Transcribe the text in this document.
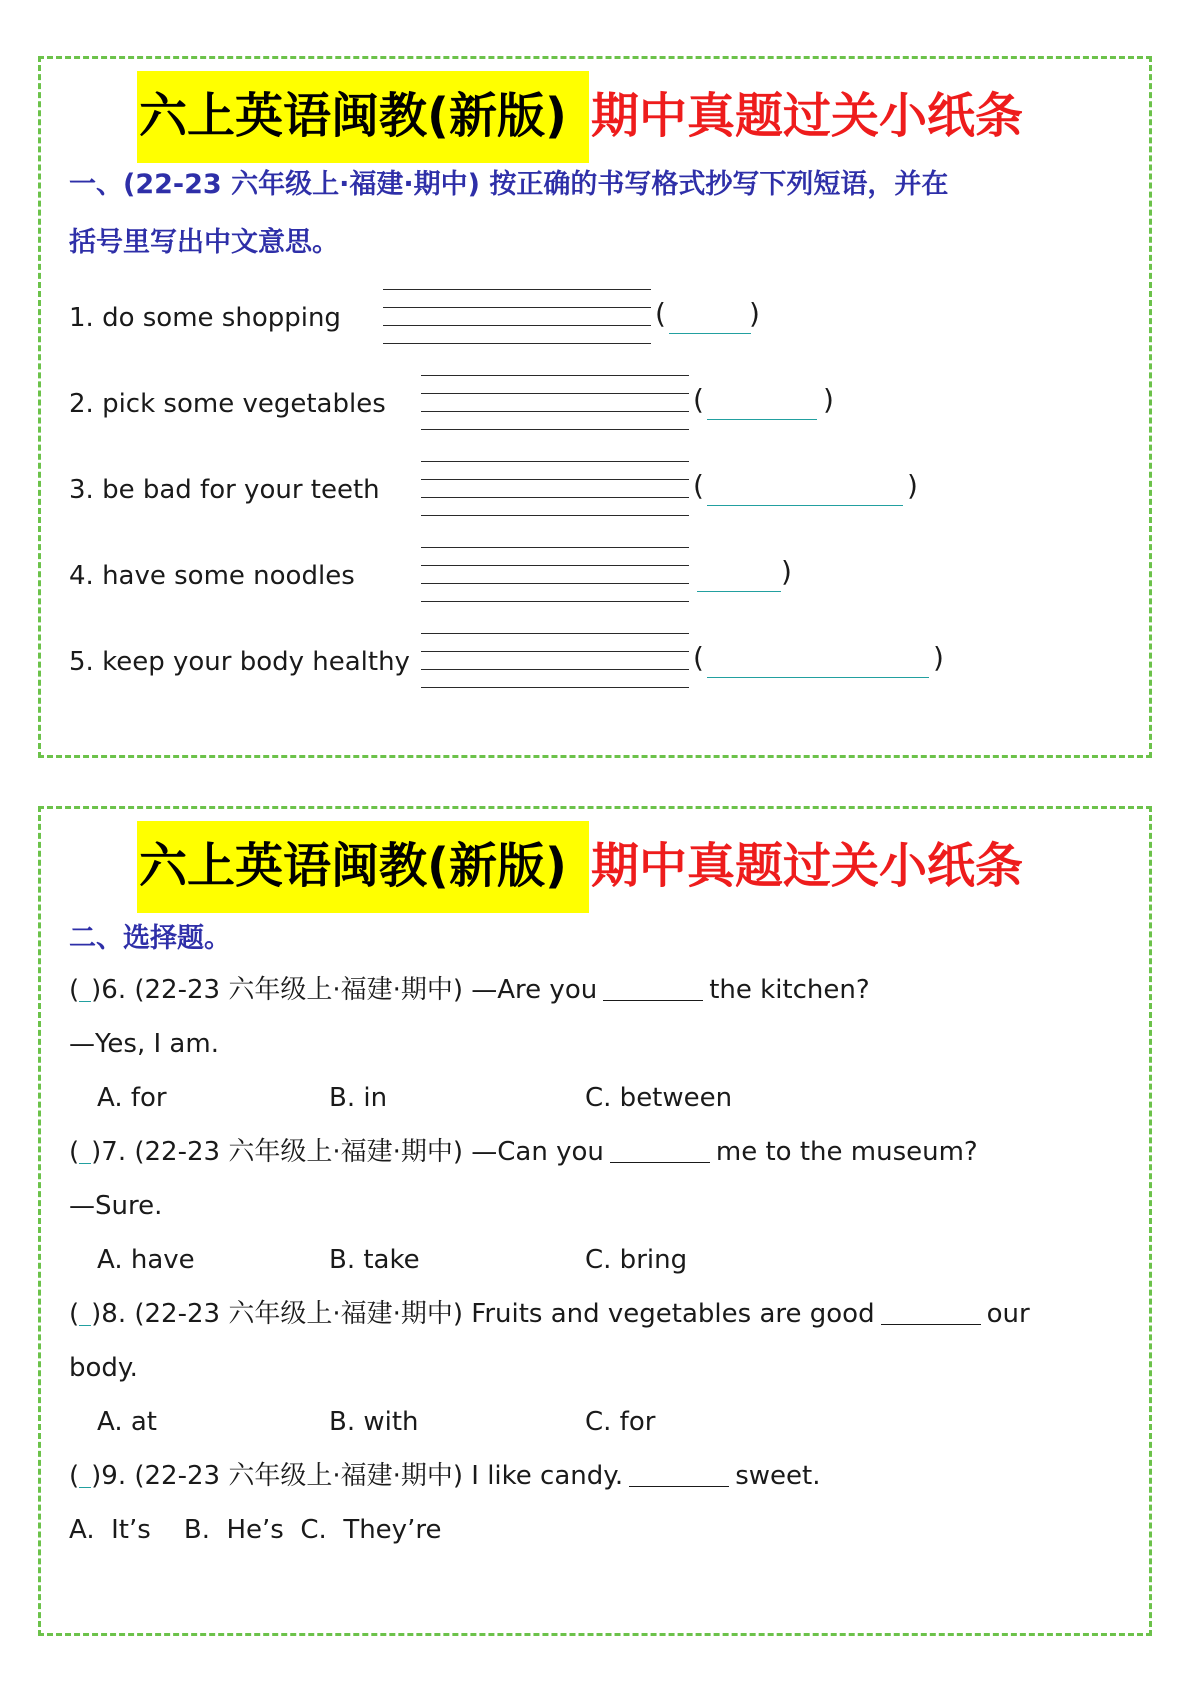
六上英语闽教(新版) 期中真题过关小纸条
一、(22-23 六年级上·福建·期中) 按正确的书写格式抄写下列短语，并在
括号里写出中文意思。
1. do some shopping	(	)
2. pick some vegetables	(	)
3. be bad for your teeth	(	)
4. have some noodles	)
5. keep your body healthy	(	)
六上英语闽教(新版) 期中真题过关小纸条
二、选择题。
( )6. (22-23 六年级上·福建·期中) —Are you	the kitchen?
—Yes, I am.
A. for	B. in	C. between
( )7. (22-23 六年级上·福建·期中) —Can you	me to the museum?
—Sure.
A. have	B. take	C. bring
( )8. (22-23 六年级上·福建·期中) Fruits and vegetables are good	our
body.
A. at	B. with	C. for
( )9. (22-23 六年级上·福建·期中) I like candy.	sweet.
A.  It’s    B.  He’s  C.  They’re
